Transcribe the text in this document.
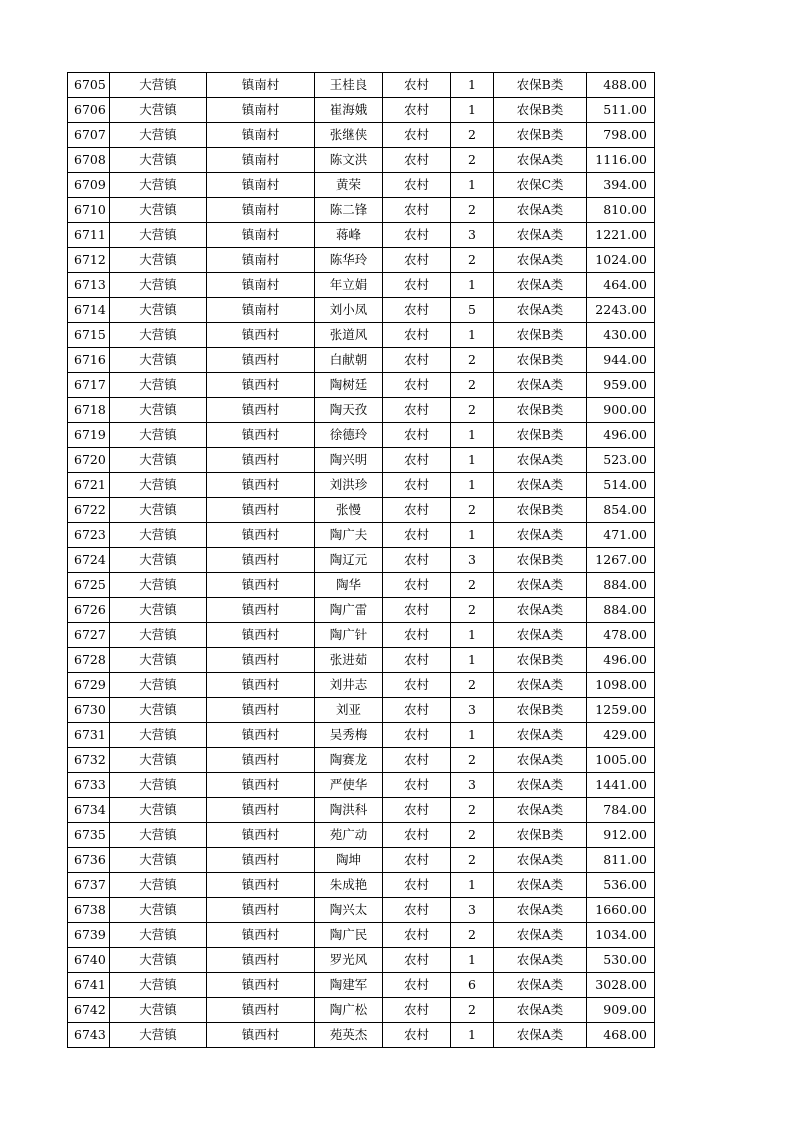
6705	大营镇	镇南村	王桂良	农村	1	农保B类	488.00
6706	大营镇	镇南村	崔海娥	农村	1	农保B类	511.00
6707	大营镇	镇南村	张继侠	农村	2	农保B类	798.00
6708	大营镇	镇南村	陈文洪	农村	2	农保A类	1116.00
6709	大营镇	镇南村	黄荣	农村	1	农保C类	394.00
6710	大营镇	镇南村	陈二锋	农村	2	农保A类	810.00
6711	大营镇	镇南村	蒋峰	农村	3	农保A类	1221.00
6712	大营镇	镇南村	陈华玲	农村	2	农保A类	1024.00
6713	大营镇	镇南村	年立娟	农村	1	农保A类	464.00
6714	大营镇	镇南村	刘小凤	农村	5	农保A类	2243.00
6715	大营镇	镇西村	张道风	农村	1	农保B类	430.00
6716	大营镇	镇西村	白献朝	农村	2	农保B类	944.00
6717	大营镇	镇西村	陶树廷	农村	2	农保A类	959.00
6718	大营镇	镇西村	陶天孜	农村	2	农保B类	900.00
6719	大营镇	镇西村	徐德玲	农村	1	农保B类	496.00
6720	大营镇	镇西村	陶兴明	农村	1	农保A类	523.00
6721	大营镇	镇西村	刘洪珍	农村	1	农保A类	514.00
6722	大营镇	镇西村	张慢	农村	2	农保B类	854.00
6723	大营镇	镇西村	陶广夫	农村	1	农保A类	471.00
6724	大营镇	镇西村	陶辽元	农村	3	农保B类	1267.00
6725	大营镇	镇西村	陶华	农村	2	农保A类	884.00
6726	大营镇	镇西村	陶广雷	农村	2	农保A类	884.00
6727	大营镇	镇西村	陶广针	农村	1	农保A类	478.00
6728	大营镇	镇西村	张进茹	农村	1	农保B类	496.00
6729	大营镇	镇西村	刘井志	农村	2	农保A类	1098.00
6730	大营镇	镇西村	刘亚	农村	3	农保B类	1259.00
6731	大营镇	镇西村	吴秀梅	农村	1	农保A类	429.00
6732	大营镇	镇西村	陶赛龙	农村	2	农保A类	1005.00
6733	大营镇	镇西村	严使华	农村	3	农保A类	1441.00
6734	大营镇	镇西村	陶洪科	农村	2	农保A类	784.00
6735	大营镇	镇西村	苑广动	农村	2	农保B类	912.00
6736	大营镇	镇西村	陶坤	农村	2	农保A类	811.00
6737	大营镇	镇西村	朱成艳	农村	1	农保A类	536.00
6738	大营镇	镇西村	陶兴太	农村	3	农保A类	1660.00
6739	大营镇	镇西村	陶广民	农村	2	农保A类	1034.00
6740	大营镇	镇西村	罗光风	农村	1	农保A类	530.00
6741	大营镇	镇西村	陶建军	农村	6	农保A类	3028.00
6742	大营镇	镇西村	陶广松	农村	2	农保A类	909.00
6743	大营镇	镇西村	苑英杰	农村	1	农保A类	468.00
